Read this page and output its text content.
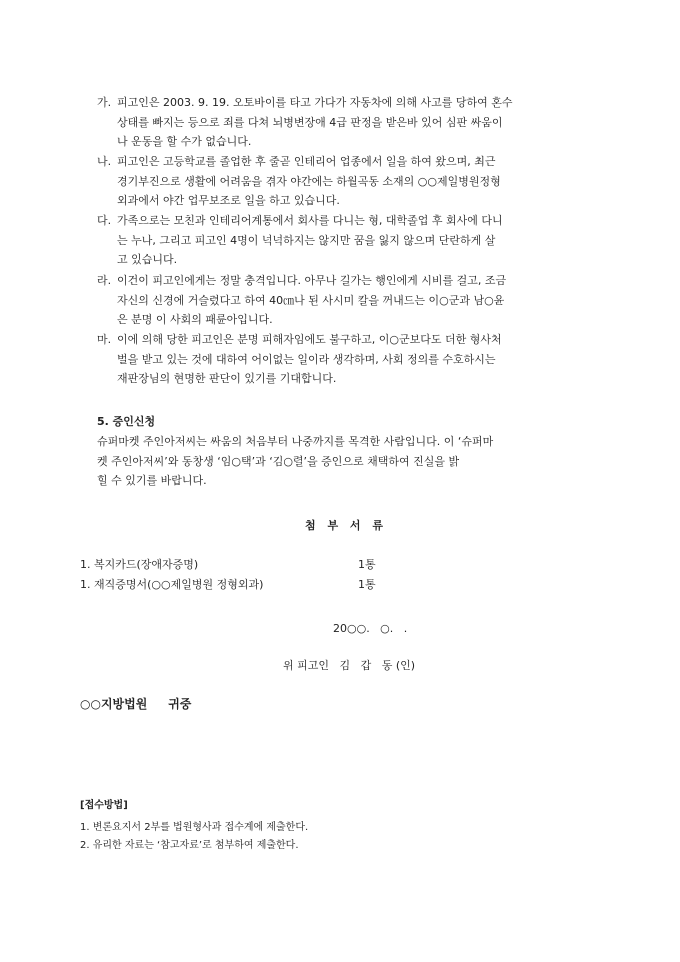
가. 피고인은 2003. 9. 19. 오토바이를 타고 가다가 자동차에 의해 사고를 당하여 혼수
상태를 빠지는 등으로 죄를 다쳐 뇌병변장애 4급 판정을 받은바 있어 심판 싸움이
나 운동을 할 수가 없습니다.
나. 피고인은 고등학교를 졸업한 후 줄곧 인테리어 업종에서 일을 하여 왔으며, 최근
경기부진으로 생활에 어려움을 겪자 야간에는 하월곡동 소재의 ○○제일병원정형
외과에서 야간 업무보조로 일을 하고 있습니다.
다. 가족으로는 모친과 인테리어계통에서 회사를 다니는 형, 대학졸업 후 회사에 다니
는 누나, 그리고 피고인 4명이 넉넉하지는 않지만 꿈을 잃지 않으며 단란하게 살
고 있습니다.
라. 이건이 피고인에게는 정말 충격입니다. 아무나 길가는 행인에게 시비를 걸고, 조금
자신의 신경에 거슬렸다고 하여 40㎝나 된 사시미 칼을 꺼내드는 이○군과 남○윤
은 분명 이 사회의 패륜아입니다.
마. 이에 의해 당한 피고인은 분명 피해자임에도 불구하고, 이○군보다도 더한 형사처
벌을 받고 있는 것에 대하여 어이없는 일이라 생각하며, 사회 정의를 수호하시는
재판장님의 현명한 판단이 있기를 기대합니다.
5. 증인신청
슈퍼마켓 주인아저씨는 싸움의 처음부터 나중까지를 목격한 사람입니다. 이 ‘슈퍼마
켓 주인아저씨’와 동창생 ‘임○택’과 ‘김○렬’을 증인으로 채택하여 진실을 밝
힐 수 있기를 바랍니다.
첨 부 서 류
1. 복지카드(장애자증명)	1통
1. 재직증명서(○○제일병원 정형외과)	1통
20○○.   ○.   .
위 피고인   김   갑   동 (인)
○○지방법원     귀중
[접수방법]
1. 변론요지서 2부를 법원형사과 접수계에 제출한다.
2. 유리한 자료는 ‘참고자료’로 첨부하여 제출한다.
